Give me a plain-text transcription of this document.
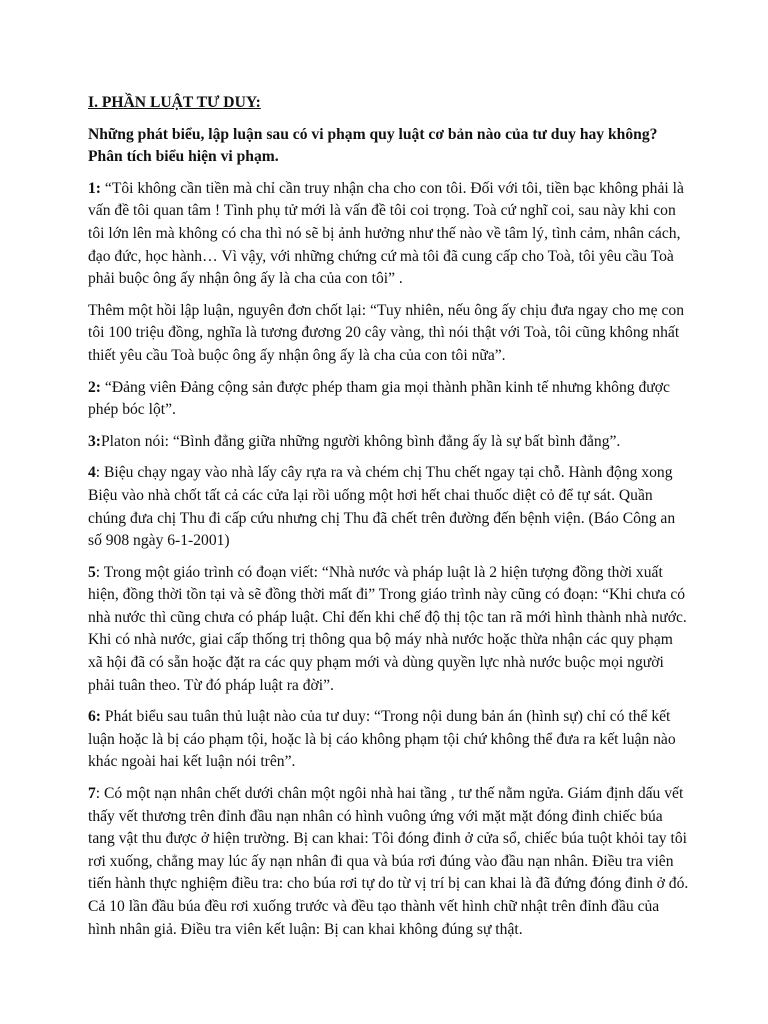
I. PHẦN LUẬT TƯ DUY:

Những phát biểu, lập luận sau có vi phạm quy luật cơ bản nào của tư duy hay không? Phân tích biểu hiện vi phạm.

1: “Tôi không cần tiền mà chỉ cần truy nhận cha cho con tôi. Đối với tôi, tiền bạc không phải là vấn đề tôi quan tâm ! Tình phụ tử mới là vấn đề tôi coi trọng. Toà cứ nghĩ coi, sau này khi con tôi lớn lên mà không có cha thì nó sẽ bị ảnh hưởng như thế nào về tâm lý, tình cảm, nhân cách, đạo đức, học hành… Vì vậy, với những chứng cứ mà tôi đã cung cấp cho Toà, tôi yêu cầu Toà phải buộc ông ấy nhận ông ấy là cha của con tôi” .

Thêm một hồi lập luận, nguyên đơn chốt lại: “Tuy nhiên, nếu ông ấy chịu đưa ngay cho mẹ con tôi 100 triệu đồng, nghĩa là tương đương 20 cây vàng, thì nói thật với Toà, tôi cũng không nhất thiết yêu cầu Toà buộc ông ấy nhận ông ấy là cha của con tôi nữa”.

2: “Đảng viên Đảng cộng sản được phép tham gia mọi thành phần kinh tế nhưng không được phép bóc lột”.

3:Platon nói: “Bình đẳng giữa những người không bình đẳng ấy là sự bất bình đẳng”.

4: Biệu chạy ngay vào nhà lấy cây rựa ra và chém chị Thu chết ngay tại chỗ. Hành động xong Biệu vào nhà chốt tất cả các cửa lại rồi uống một hơi hết chai thuốc diệt cỏ để tự sát. Quần chúng đưa chị Thu đi cấp cứu nhưng chị Thu đã chết trên đường đến bệnh viện. (Báo Công an số 908 ngày 6-1-2001)

5: Trong một giáo trình có đoạn viết: “Nhà nước và pháp luật là 2 hiện tượng đồng thời xuất hiện, đồng thời tồn tại và sẽ đồng thời mất đi” Trong giáo trình này cũng có đoạn: “Khi chưa có nhà nước thì cũng chưa có pháp luật. Chỉ đến khi chế độ thị tộc tan rã mới hình thành nhà nước. Khi có nhà nước, giai cấp thống trị thông qua bộ máy nhà nước hoặc thừa nhận các quy phạm xã hội đã có sẵn hoặc đặt ra các quy phạm mới và dùng quyền lực nhà nước buộc mọi người phải tuân theo. Từ đó pháp luật ra đời”.

6: Phát biểu sau tuân thủ luật nào của tư duy: “Trong nội dung bản án (hình sự) chỉ có thể kết luận hoặc là bị cáo phạm tội, hoặc là bị cáo không phạm tội chứ không thể đưa ra kết luận nào khác ngoài hai kết luận nói trên”.

7: Có một nạn nhân chết dưới chân một ngôi nhà hai tầng , tư thế nằm ngửa. Giám định dấu vết thấy vết thương trên đỉnh đầu nạn nhân có hình vuông ứng với mặt mặt đóng đinh chiếc búa tang vật thu được ở hiện trường. Bị can khai: Tôi đóng đinh ở cửa sổ, chiếc búa tuột khỏi tay tôi rơi xuống, chẳng may lúc ấy nạn nhân đi qua và búa rơi đúng vào đầu nạn nhân. Điều tra viên tiến hành thực nghiệm điều tra: cho búa rơi tự do từ vị trí bị can khai là đã đứng đóng đinh ở đó. Cả 10 lần đầu búa đều rơi xuống trước và đều tạo thành vết hình chữ nhật trên đỉnh đầu của hình nhân giả. Điều tra viên kết luận: Bị can khai không đúng sự thật.
